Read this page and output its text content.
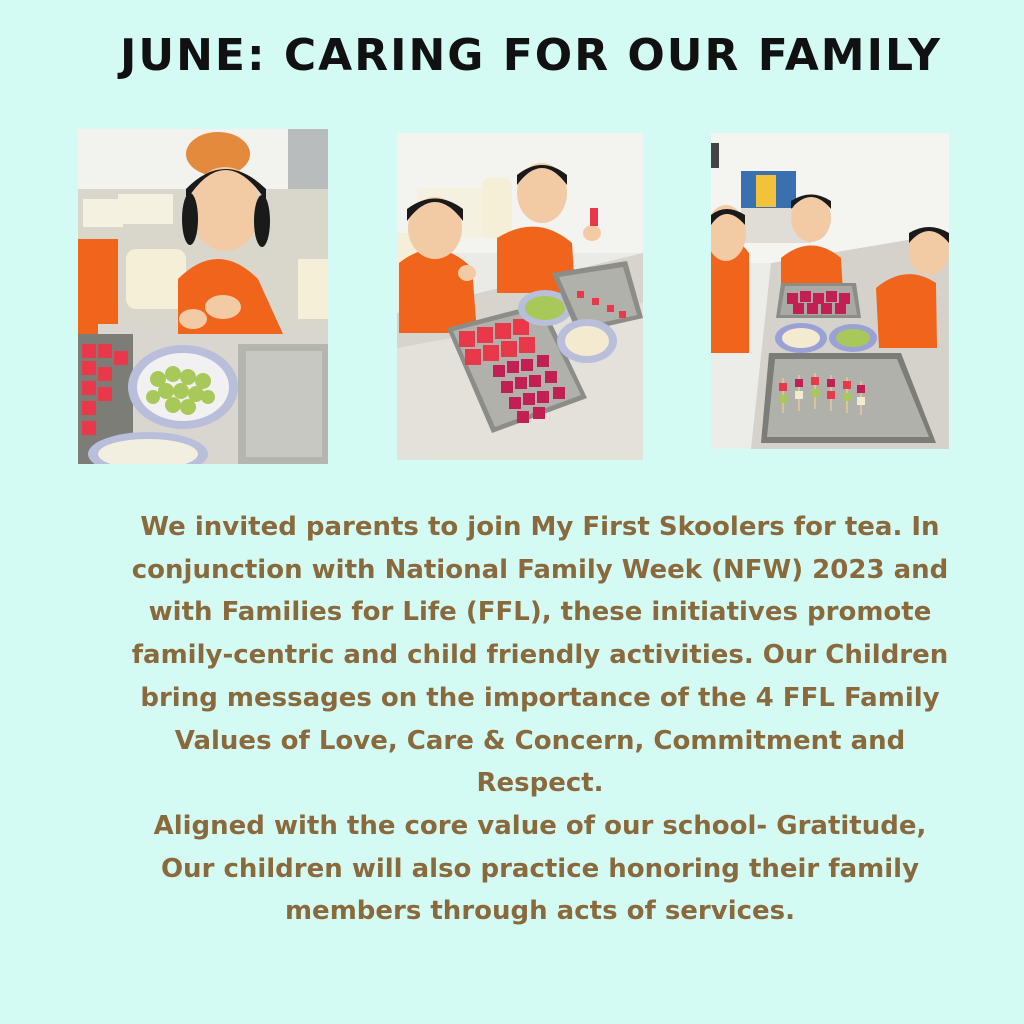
JUNE: CARING FOR OUR FAMILY

We invited parents to join My First Skoolers for tea. In
conjunction with National Family Week (NFW) 2023 and
with Families for Life (FFL), these initiatives promote
family-centric and child friendly activities. Our Children
bring messages on the importance of the 4 FFL Family
Values of Love, Care & Concern, Commitment and
Respect.
Aligned with the core value of our school- Gratitude,
Our children will also practice honoring their family
members through acts of services.
